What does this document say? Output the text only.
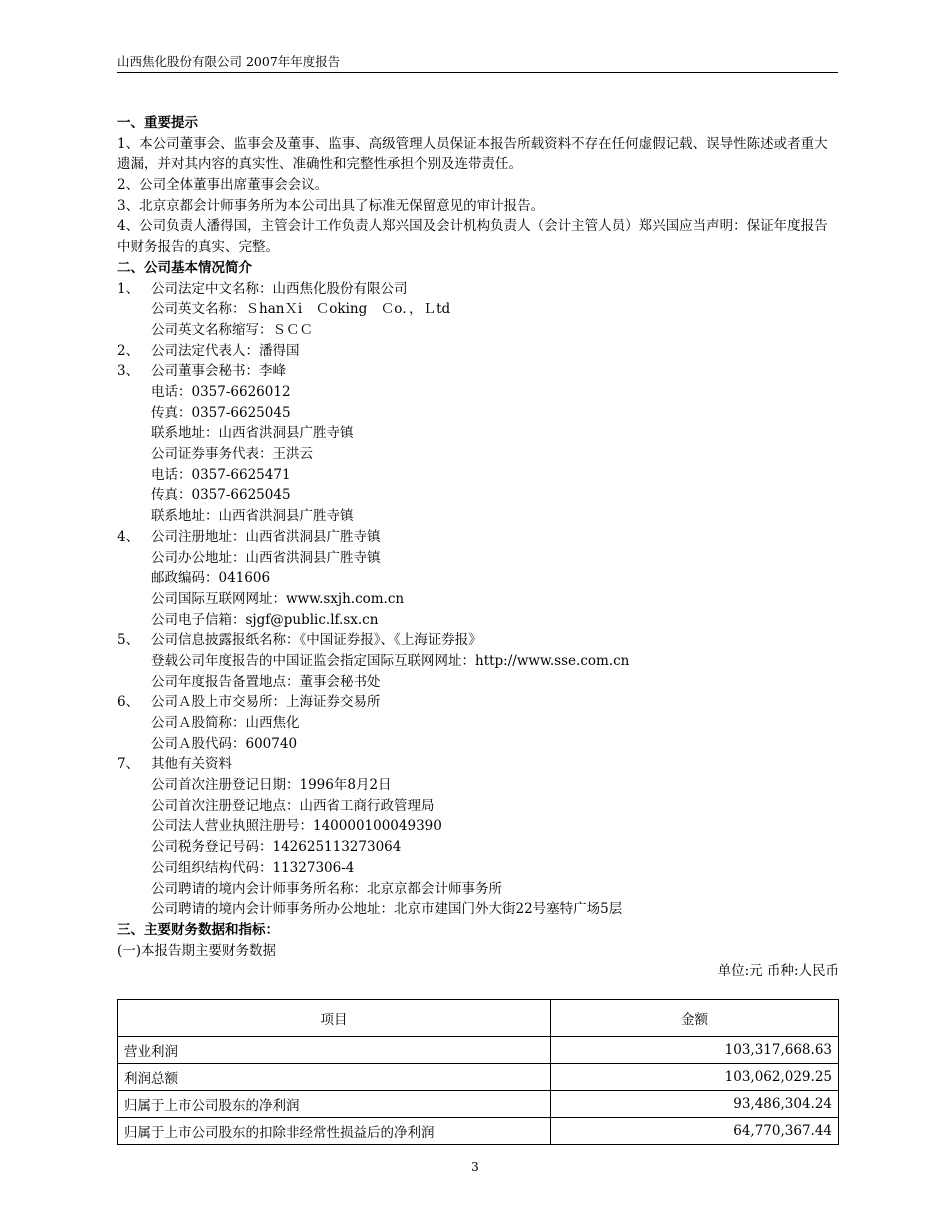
山西焦化股份有限公司 2007年年度报告
一、重要提示
1、本公司董事会、监事会及董事、监事、高级管理人员保证本报告所载资料不存在任何虚假记载、误导性陈述或者重大遗漏，并对其内容的真实性、准确性和完整性承担个别及连带责任。
2、公司全体董事出席董事会会议。
3、北京京都会计师事务所为本公司出具了标准无保留意见的审计报告。
4、公司负责人潘得国，主管会计工作负责人郑兴国及会计机构负责人（会计主管人员）郑兴国应当声明：保证年度报告中财务报告的真实、完整。
二、公司基本情况简介
1、 公司法定中文名称：山西焦化股份有限公司
公司英文名称：ＳhanＸi　Ｃoking　Ｃo．，Ｌtd
公司英文名称缩写：ＳＣＣ
2、 公司法定代表人：潘得国
3、 公司董事会秘书：李峰
电话：0357-6626012
传真：0357-6625045
联系地址：山西省洪洞县广胜寺镇
公司证券事务代表：王洪云
电话：0357-6625471
传真：0357-6625045
联系地址：山西省洪洞县广胜寺镇
4、 公司注册地址：山西省洪洞县广胜寺镇
公司办公地址：山西省洪洞县广胜寺镇
邮政编码：041606
公司国际互联网网址：www.sxjh.com.cn
公司电子信箱：sjgf@public.lf.sx.cn
5、 公司信息披露报纸名称：《中国证券报》、《上海证券报》
登载公司年度报告的中国证监会指定国际互联网网址：http://www.sse.com.cn
公司年度报告备置地点：董事会秘书处
6、 公司Ａ股上市交易所：上海证券交易所
公司Ａ股简称：山西焦化
公司Ａ股代码：600740
7、 其他有关资料
公司首次注册登记日期：1996年8月2日
公司首次注册登记地点：山西省工商行政管理局
公司法人营业执照注册号：140000100049390
公司税务登记号码：142625113273064
公司组织结构代码：11327306-4
公司聘请的境内会计师事务所名称：北京京都会计师事务所
公司聘请的境内会计师事务所办公地址：北京市建国门外大街22号塞特广场5层
三、主要财务数据和指标：
(一)本报告期主要财务数据
单位:元 币种:人民币
项目	金额
营业利润	103,317,668.63
利润总额	103,062,029.25
归属于上市公司股东的净利润	93,486,304.24
归属于上市公司股东的扣除非经常性损益后的净利润	64,770,367.44
3
